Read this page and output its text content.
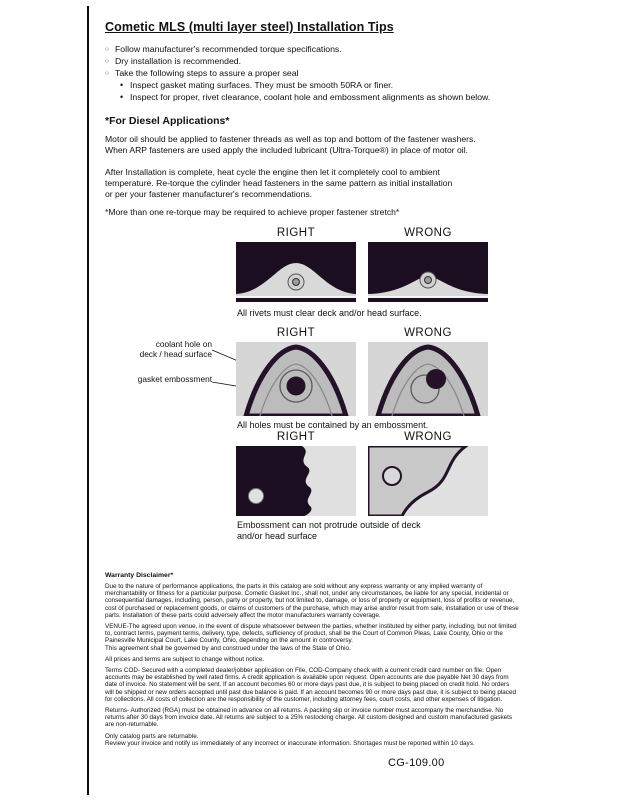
Cometic MLS (multi layer steel) Installation Tips
○ Follow manufacturer's recommended torque specifications.
○ Dry installation is recommended.
○ Take the following steps to assure a proper seal
• Inspect gasket mating surfaces. They must be smooth 50RA or finer.
• Inspect for proper, rivet clearance, coolant hole and embossment alignments as shown below.
*For Diesel Applications*
Motor oil should be applied to fastener threads as well as top and bottom of the fastener washers.
When ARP fasteners are used apply the included lubricant (Ultra-Torque®) in place of motor oil.
After Installation is complete, heat cycle the engine then let it completely cool to ambient
temperature. Re-torque the cylinder head fasteners in the same pattern as initial installation
or per your fastener manufacturer's recommendations.
*More than one re-torque may be required to achieve proper fastener stretch*
RIGHT	WRONG
All rivets must clear deck and/or head surface.
RIGHT	WRONG
coolant hole on
deck / head surface
gasket embossment
All holes must be contained by an embossment.
RIGHT	WRONG
Embossment can not protrude outside of deck
and/or head surface
Warranty Disclaimer*

Due to the nature of performance applications, the parts in this catalog are sold without any express warranty or any implied warranty of merchantability or fitness for a particular purpose. Cometic Gasket Inc., shall not, under any circumstances, be liable for any special, incidental or consequential damages, including, person, party or property, but not limited to, damage, or loss of property or equipment, loss of profits or revenue, cost of purchased or replacement goods, or claims of customers of the purchase, which may arise and/or result from sale, installation or use of these parts. Installation of these parts could adversely affect the motor manufacturers warranty coverage.

VENUE-The agreed upon venue, in the event of dispute whatsoever between the parties, whether instituted by either party, including, but not limited to, contract terms, payment terms, delivery, type, defects, sufficiency of product, shall be the Court of Common Pleas, Lake County, Ohio or the Painesville Municipal Court, Lake County, Ohio, depending on the amount in controversy.
This agreement shall be governed by and construed under the laws of the State of Ohio.

All prices and terms are subject to change without notice.

Terms COD- Secured with a completed dealer/jobber application on File, COD-Company check with a current credit card number on file. Open accounts may be established by well rated firms. A credit application is available upon request. Open accounts are due payable Net 30 days from date of invoice. No statement will be sent. If an account becomes 60 or more days past due, it is subject to being placed on credit hold. No orders will be shipped or new orders accepted until past due balance is paid. If an account becomes 90 or more days past due, it is subject to being placed for collections. All costs of collection are the responsibility of the customer, including attorney fees, court costs, and other expenses of litigation.

Returns- Authorized (RGA) must be obtained in advance on all returns. A packing slip or invoice number must accompany the merchandise. No returns after 30 days from invoice date. All returns are subject to a 25% restocking charge. All custom designed and custom manufactured gaskets are non-returnable.

Only catalog parts are returnable.
Review your invoice and notify us immediately of any incorrect or inaccurate information. Shortages must be reported within 10 days.

CG-109.00
